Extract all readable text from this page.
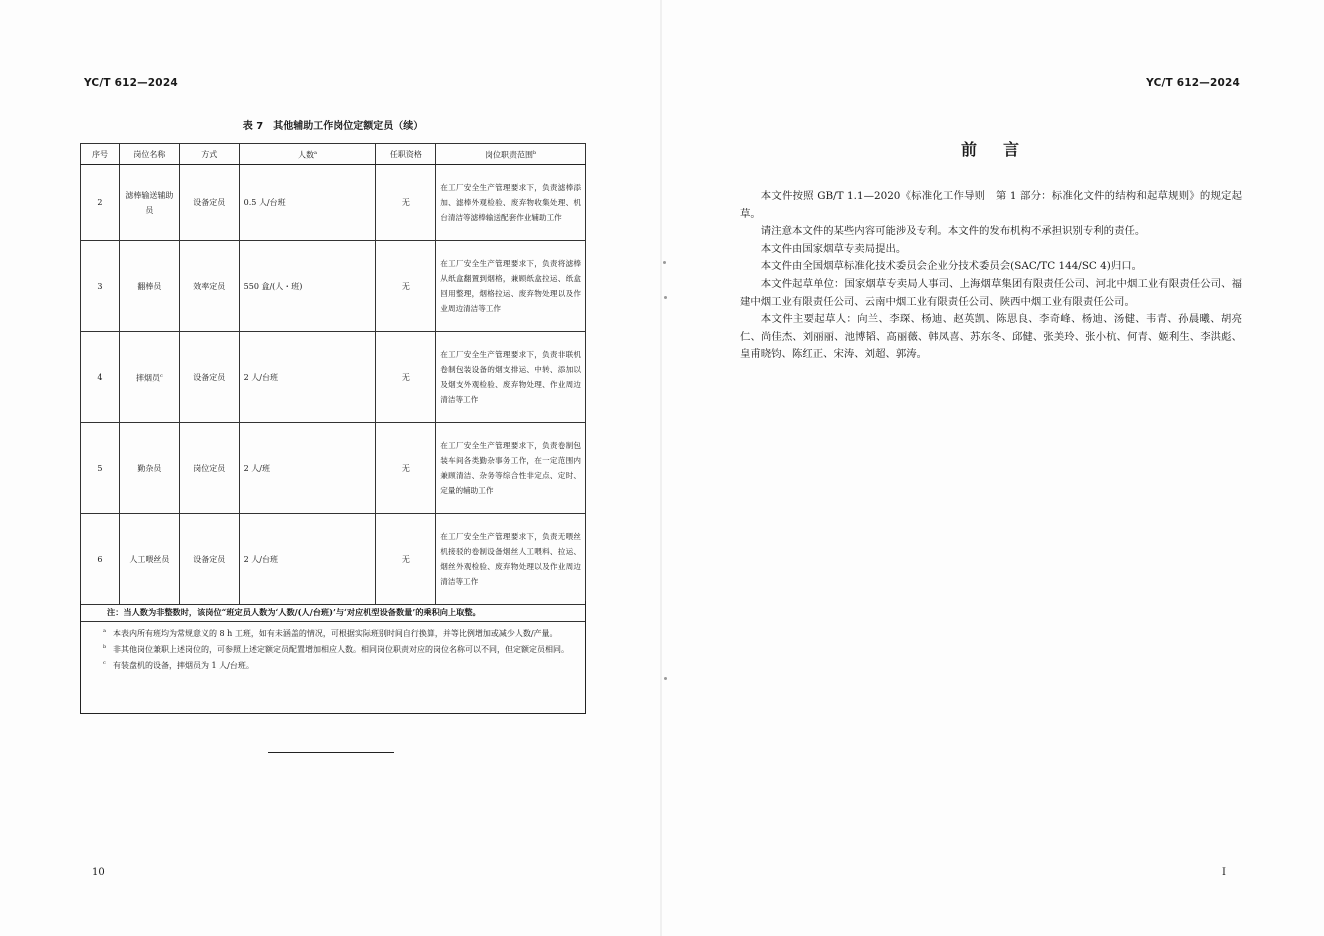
YC/T 612—2024
表 7　其他辅助工作岗位定额定员（续）
序号	岗位名称	方式	人数$^a$	任职资格	岗位职责范围$^b$
2	滤棒输送辅助员	设备定员	0.5 人/台班	无	在工厂安全生产管理要求下，负责滤棒添加、滤棒外观检验、废弃物收集处理、机台清洁等滤棒输送配套作业辅助工作
3	翻棒员	效率定员	550 盒/(人・班)	无	在工厂安全生产管理要求下，负责将滤棒从纸盒翻置到烟格，兼顾纸盒拉运、纸盒回用整理，烟格拉运、废弃物处理以及作业周边清洁等工作
4	摔烟员$^c$	设备定员	2 人/台班	无	在工厂安全生产管理要求下，负责非联机卷制包装设备的烟支排运、中转、添加以及烟支外观检验、废弃物处理、作业周边清洁等工作
5	勤杂员	岗位定员	2 人/班	无	在工厂安全生产管理要求下，负责卷制包装车间各类勤杂事务工作，在一定范围内兼顾清洁、杂务等综合性非定点、定时、定量的辅助工作
6	人工喂丝员	设备定员	2 人/台班	无	在工厂安全生产管理要求下，负责无喂丝机接驳的卷制设备烟丝人工喂料、拉运、烟丝外观检验、废弃物处理以及作业周边清洁等工作
注：当人数为非整数时，该岗位“班定员人数为‘人数/(人/台班)’与‘对应机型设备数量’的乘积向上取整。
a 本表内所有班均为常规意义的 8 h 工班，如有未涵盖的情况，可根据实际班别时间自行换算，并等比例增加或减少人数/产量。
b 非其他岗位兼职上述岗位的，可参照上述定额定员配置增加相应人数。相同岗位职责对应的岗位名称可以不同，但定额定员相同。
c 有装盘机的设备，摔烟员为 1 人/台班。
10
YC/T 612—2024
前言

本文件按照 GB/T 1.1—2020《标准化工作导则　第 1 部分：标准化文件的结构和起草规则》的规定起草。

请注意本文件的某些内容可能涉及专利。本文件的发布机构不承担识别专利的责任。

本文件由国家烟草专卖局提出。

本文件由全国烟草标准化技术委员会企业分技术委员会(SAC/TC 144/SC 4)归口。

本文件起草单位：国家烟草专卖局人事司、上海烟草集团有限责任公司、河北中烟工业有限责任公司、福建中烟工业有限责任公司、云南中烟工业有限责任公司、陕西中烟工业有限责任公司。

本文件主要起草人：向兰、李琛、杨迪、赵英凯、陈思良、李奇峰、杨迪、汤健、韦青、孙晨曦、胡亮仁、尚佳杰、刘丽丽、池博韬、高丽薇、韩凤喜、苏东冬、邱健、张美玲、张小杭、何青、姬利生、李洪彪、皇甫晓钧、陈红正、宋涛、刘超、郭涛。

I
